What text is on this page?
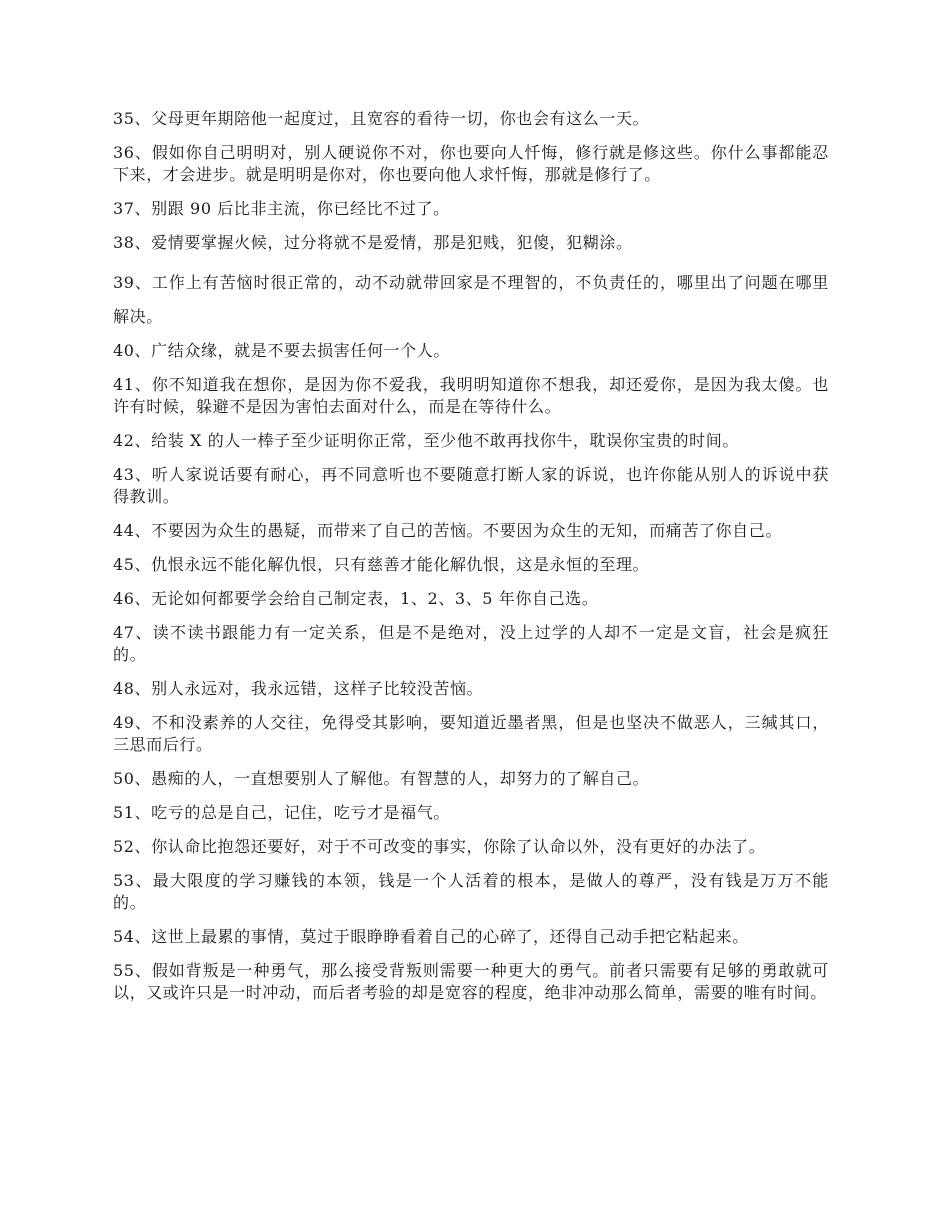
35、父母更年期陪他一起度过，且宽容的看待一切，你也会有这么一天。

36、假如你自己明明对，别人硬说你不对，你也要向人忏悔，修行就是修这些。你什么事都能忍下来，才会进步。就是明明是你对，你也要向他人求忏悔，那就是修行了。

37、别跟 90 后比非主流，你已经比不过了。

38、爱情要掌握火候，过分将就不是爱情，那是犯贱，犯傻，犯糊涂。

39、工作上有苦恼时很正常的，动不动就带回家是不理智的，不负责任的，哪里出了问题在哪里解决。

40、广结众缘，就是不要去损害任何一个人。

41、你不知道我在想你，是因为你不爱我，我明明知道你不想我，却还爱你，是因为我太傻。也许有时候，躲避不是因为害怕去面对什么，而是在等待什么。

42、给装 X 的人一棒子至少证明你正常，至少他不敢再找你牛，耽误你宝贵的时间。

43、听人家说话要有耐心，再不同意听也不要随意打断人家的诉说，也许你能从别人的诉说中获得教训。

44、不要因为众生的愚疑，而带来了自己的苦恼。不要因为众生的无知，而痛苦了你自己。

45、仇恨永远不能化解仇恨，只有慈善才能化解仇恨，这是永恒的至理。

46、无论如何都要学会给自己制定表，1、2、3、5 年你自己选。

47、读不读书跟能力有一定关系，但是不是绝对，没上过学的人却不一定是文盲，社会是疯狂的。

48、别人永远对，我永远错，这样子比较没苦恼。

49、不和没素养的人交往，免得受其影响，要知道近墨者黑，但是也坚决不做恶人，三缄其口，三思而后行。

50、愚痴的人，一直想要别人了解他。有智慧的人，却努力的了解自己。

51、吃亏的总是自己，记住，吃亏才是福气。

52、你认命比抱怨还要好，对于不可改变的事实，你除了认命以外，没有更好的办法了。

53、最大限度的学习赚钱的本领，钱是一个人活着的根本，是做人的尊严，没有钱是万万不能的。

54、这世上最累的事情，莫过于眼睁睁看着自己的心碎了，还得自己动手把它粘起来。

55、假如背叛是一种勇气，那么接受背叛则需要一种更大的勇气。前者只需要有足够的勇敢就可以，又或许只是一时冲动，而后者考验的却是宽容的程度，绝非冲动那么简单，需要的唯有时间。
